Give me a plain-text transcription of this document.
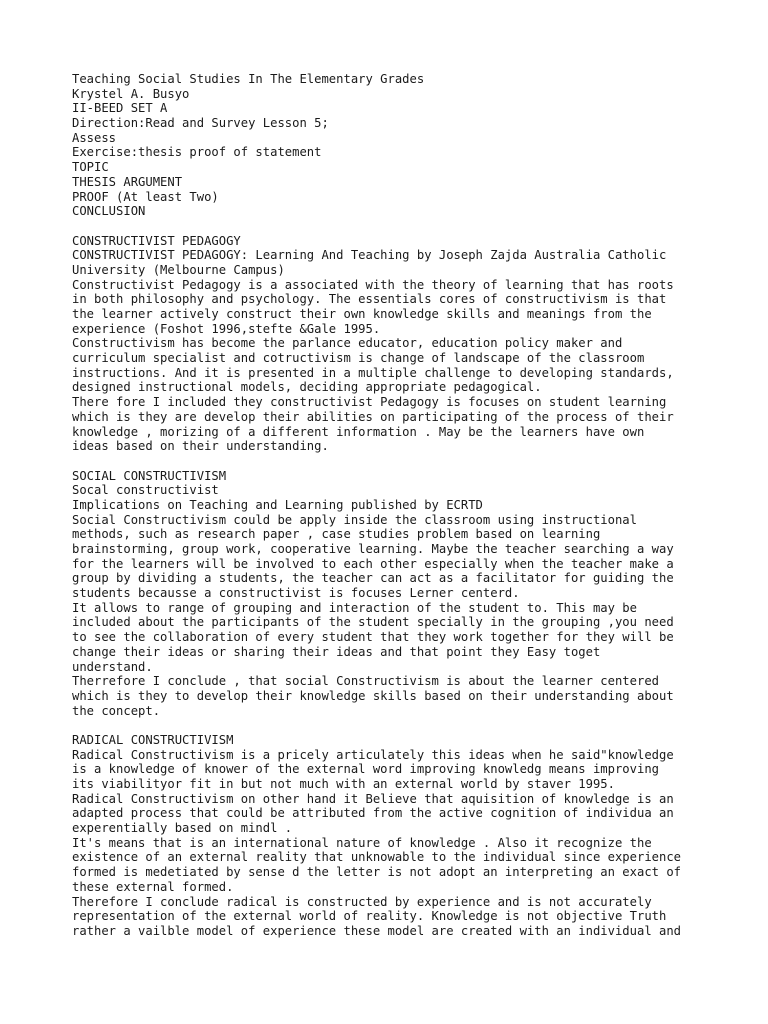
Teaching Social Studies In The Elementary Grades
Krystel A. Busyo
II-BEED SET A
Direction:Read and Survey Lesson 5;
Assess
Exercise:thesis proof of statement
TOPIC
THESIS ARGUMENT
PROOF (At least Two)
CONCLUSION
CONSTRUCTIVIST PEDAGOGY
CONSTRUCTIVIST PEDAGOGY: Learning And Teaching by Joseph Zajda Australia Catholic
University (Melbourne Campus)
Constructivist Pedagogy is a associated with the theory of learning that has roots
in both philosophy and psychology. The essentials cores of constructivism is that
the learner actively construct their own knowledge skills and meanings from the
experience (Foshot 1996,stefte &Gale 1995.
Constructivism has become the parlance educator, education policy maker and
curriculum specialist and cotructivism is change of landscape of the classroom
instructions. And it is presented in a multiple challenge to developing standards,
designed instructional models, deciding appropriate pedagogical.
There fore I included they constructivist Pedagogy is focuses on student learning
which is they are develop their abilities on participating of the process of their
knowledge , morizing of a different information . May be the learners have own
ideas based on their understanding.
SOCIAL CONSTRUCTIVISM
Socal constructivist
Implications on Teaching and Learning published by ECRTD
Social Constructivism could be apply inside the classroom using instructional
methods, such as research paper , case studies problem based on learning
brainstorming, group work, cooperative learning. Maybe the teacher searching a way
for the learners will be involved to each other especially when the teacher make a
group by dividing a students, the teacher can act as a facilitator for guiding the
students becausse a constructivist is focuses Lerner centerd.
It allows to range of grouping and interaction of the student to. This may be
included about the participants of the student specially in the grouping ,you need
to see the collaboration of every student that they work together for they will be
change their ideas or sharing their ideas and that point they Easy toget
understand.
Therrefore I conclude , that social Constructivism is about the learner centered
which is they to develop their knowledge skills based on their understanding about
the concept.
RADICAL CONSTRUCTIVISM
Radical Constructivism is a pricely articulately this ideas when he said"knowledge
is a knowledge of knower of the external word improving knowledg means improving
its viabilityor fit in but not much with an external world by staver 1995.
Radical Constructivism on other hand it Believe that aquisition of knowledge is an
adapted process that could be attributed from the active cognition of individua an
experentially based on mindl .
It's means that is an international nature of knowledge . Also it recognize the
existence of an external reality that unknowable to the individual since experience
formed is medetiated by sense d the letter is not adopt an interpreting an exact of
these external formed.
Therefore I conclude radical is constructed by experience and is not accurately
representation of the external world of reality. Knowledge is not objective Truth
rather a vailble model of experience these model are created with an individual and
